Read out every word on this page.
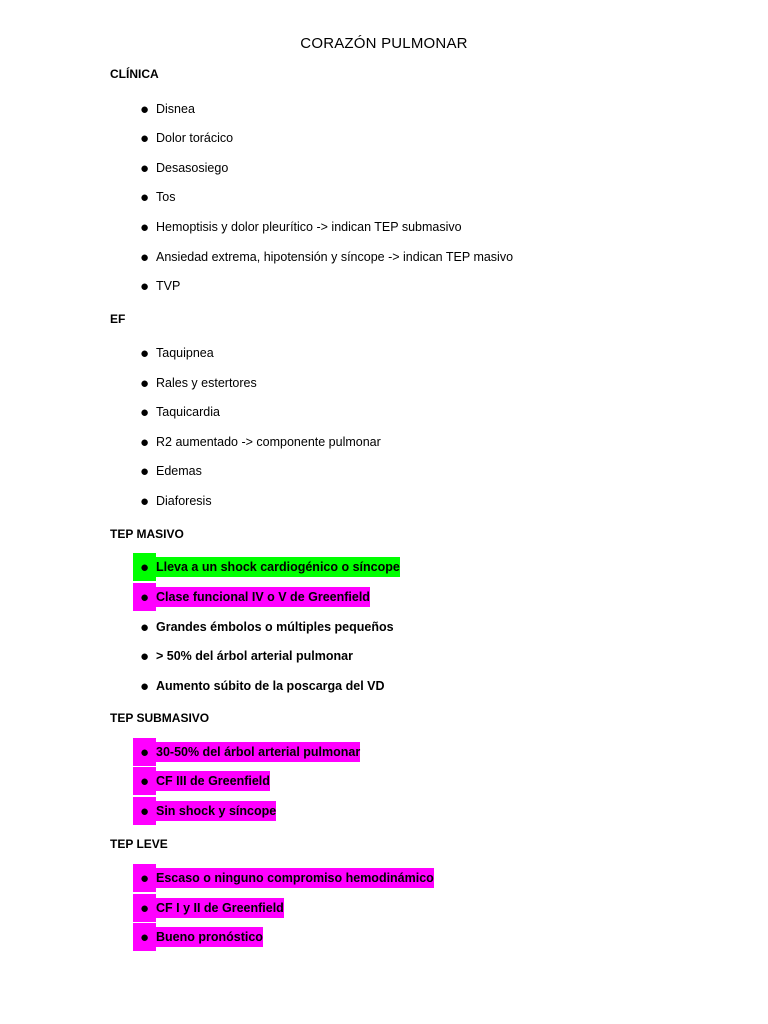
CORAZÓN PULMONAR
CLÍNICA
● Disnea
● Dolor torácico
● Desasosiego
● Tos
● Hemoptisis y dolor pleurítico -> indican TEP submasivo
● Ansiedad extrema, hipotensión y síncope -> indican TEP masivo
● TVP
EF
● Taquipnea
● Rales y estertores
● Taquicardia
● R2 aumentado -> componente pulmonar
● Edemas
● Diaforesis
TEP MASIVO
● Lleva a un shock cardiogénico o síncope
● Clase funcional IV o V de Greenfield
● Grandes émbolos o múltiples pequeños
● > 50% del árbol arterial pulmonar
● Aumento súbito de la poscarga del VD
TEP SUBMASIVO
● 30-50% del árbol arterial pulmonar
● CF III de Greenfield
● Sin shock y síncope
TEP LEVE
● Escaso o ninguno compromiso hemodinámico
● CF I y II de Greenfield
● Bueno pronóstico
